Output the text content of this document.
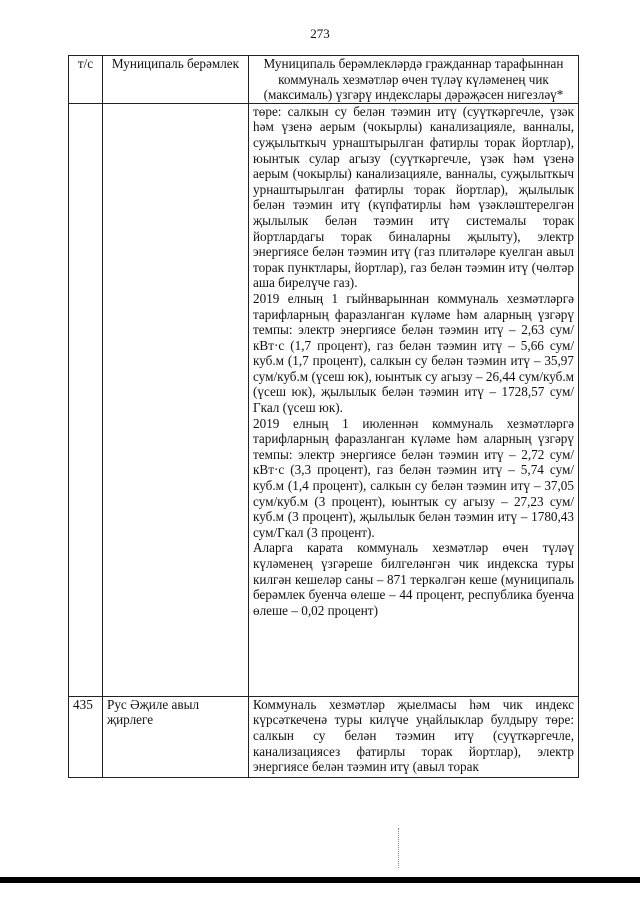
273
т/с	Муниципаль берәмлек	Муниципаль берәмлекләрдә гражданнар тарафыннан коммуналь хезмәтләр өчен түләү күләменең чик (максималь) үзгәрү индекслары дәрәҗәсен нигезләү*

		төре: салкын су белән тәэмин итү (суүткәргечле, үзәк һәм үзенә аерым (чокырлы) канализацияле, ванналы, суҗылыткыч урнаштырылган фатирлы торак йортлар), юынтык сулар агызу (суүткәргечле, үзәк һәм үзенә аерым (чокырлы) канализацияле, ванналы, суҗылыткыч урнаштырылган фатирлы торак йортлар), җылылык белән тәэмин итү (күпфатирлы һәм үзәкләштерелгән җылылык белән тәэмин итү системалы торак йортлардагы торак биналарны җылыту), электр энергиясе белән тәэмин итү (газ плитәләре куелган авыл торак пунктлары, йортлар), газ белән тәэмин итү (чөлтәр аша бирелүче газ).

2019 елның 1 гыйнварыннан коммуналь хезмәтләргә тарифларның фаразланган күләме һәм аларның үзгәрү темпы: электр энергиясе белән тәэмин итү – 2,63 сум/кВт·с (1,7 процент), газ белән тәэмин итү – 5,66 сум/куб.м (1,7 процент), салкын су белән тәэмин итү – 35,97 сум/куб.м (үсеш юк), юынтык су агызу – 26,44 сум/куб.м (үсеш юк), җылылык белән тәэмин итү – 1728,57 сум/Гкал (үсеш юк).

2019 елның 1 июленнән коммуналь хезмәтләргә тарифларның фаразланган күләме һәм аларның үзгәрү темпы: электр энергиясе белән тәэмин итү – 2,72 сум/кВт·с (3,3 процент), газ белән тәэмин итү – 5,74 сум/куб.м (1,4 процент), салкын су белән тәэмин итү – 37,05 сум/куб.м (3 процент), юынтык су агызу – 27,23 сум/куб.м (3 процент), җылылык белән тәэмин итү – 1780,43 сум/Гкал (3 процент).

Аларга карата коммуналь хезмәтләр өчен түләү күләменең үзгәреше билгеләнгән чик индекска туры килгән кешеләр саны – 871 теркәлгән кеше (муниципаль берәмлек буенча өлеше – 44 процент, республика буенча өлеше – 0,02 процент)

435	Рус Әҗиле авыл җирлеге	Коммуналь хезмәтләр җыелмасы һәм чик индекс күрсәткеченә туры килүче уңайлыклар булдыру төре: салкын су белән тәэмин итү (суүткәргечле, канализациясез фатирлы торак йортлар), электр энергиясе белән тәэмин итү (авыл торак
